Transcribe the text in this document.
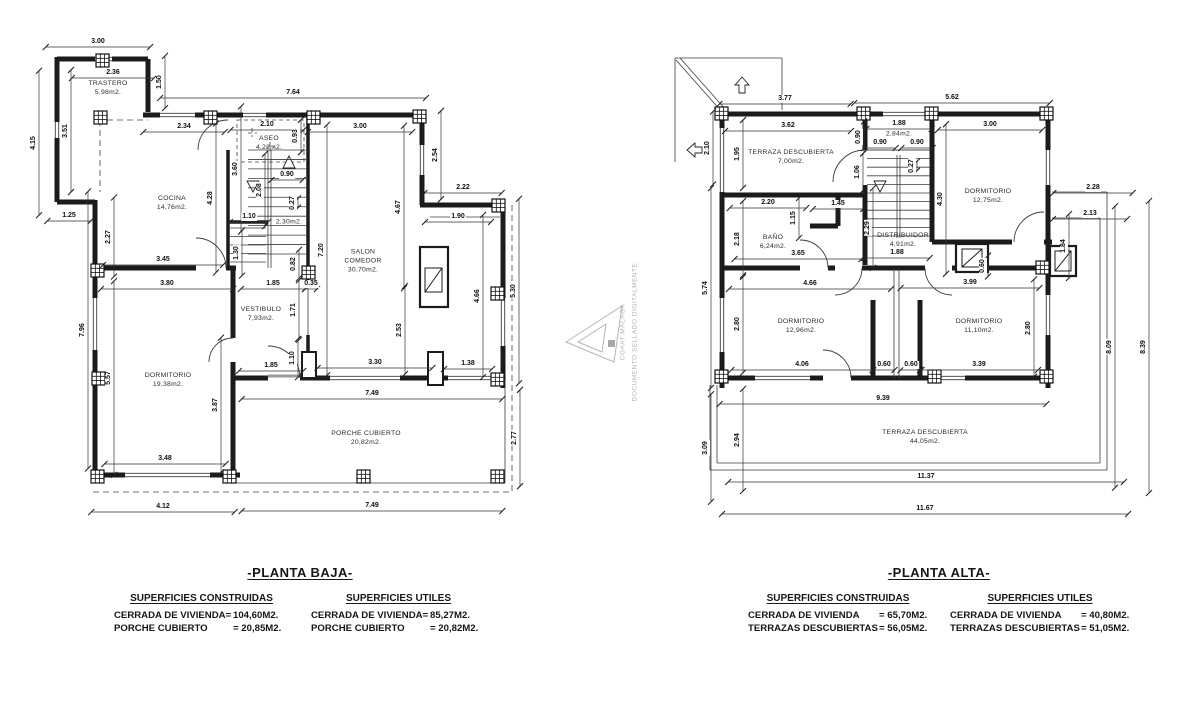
3.00
2.36
1.50
7.64
4.15
3.51
1.25
2.34	2.10	3.00
0.93
2.54
4.28
3.60	0.90
2.08
0.27
1.10
7.20
0.82
1.30
4.67
2.22
1.90
4.66	5.30
2.53
1.85	0.35
1.71
3.45
3.80
2.27
7.96
5.57
3.87
1.10
1.85
3.48
4.12
3.30	1.38
7.49
2.77
7.49
TRASTERO
5,98m2.
COCINA
14,76m2.
ASEO
4,22m2.
2,30m2.
SALON
COMEDOR
30,70m2.
VESTIBULO
7,93m2.
DORMITORIO
19,38m2.
PORCHE CUBIERTO
20,82m2.
3.77	5.62
3.62	1.88
0.90	0.90
0.90
2.10	1.95
0.27
1.06
4.30
2.20	1.45
1.15
2.18
3.65
2.29
1.88
3.00
2.28
2.13
1.84
0.60
3.99
5.74	4.66
2.80	2.80
4.06	0.60 0.60	3.39
9.39
2.94
3.09
11.37
11.67
8.09	8.39
TERRAZA DESCUBIERTA
7,00m2.
2,84m2.
BAÑO
6,24m2.
DISTRIBUIDOR
4,91m2.
DORMITORIO
12,75m2.
DORMITORIO
12,96m2.
DORMITORIO
11,10m2.
TERRAZA DESCUBIERTA
44,05m2.
COAAT MALAGA DOCUMENTO SELLADO DIGITALMENTE
-PLANTA BAJA-
SUPERFICIES CONSTRUIDAS
CERRADA DE VIVIENDA= 104,60M2.
PORCHE CUBIERTO	= 20,85M2.
SUPERFICIES UTILES
CERRADA DE VIVIENDA= 85,27M2.
PORCHE CUBIERTO	= 20,82M2.
-PLANTA ALTA-
SUPERFICIES CONSTRUIDAS
CERRADA DE VIVIENDA	= 65,70M2.
TERRAZAS DESCUBIERTAS = 56,05M2.
SUPERFICIES UTILES
CERRADA DE VIVIENDA	= 40,80M2.
TERRAZAS DESCUBIERTAS = 51,05M2.
